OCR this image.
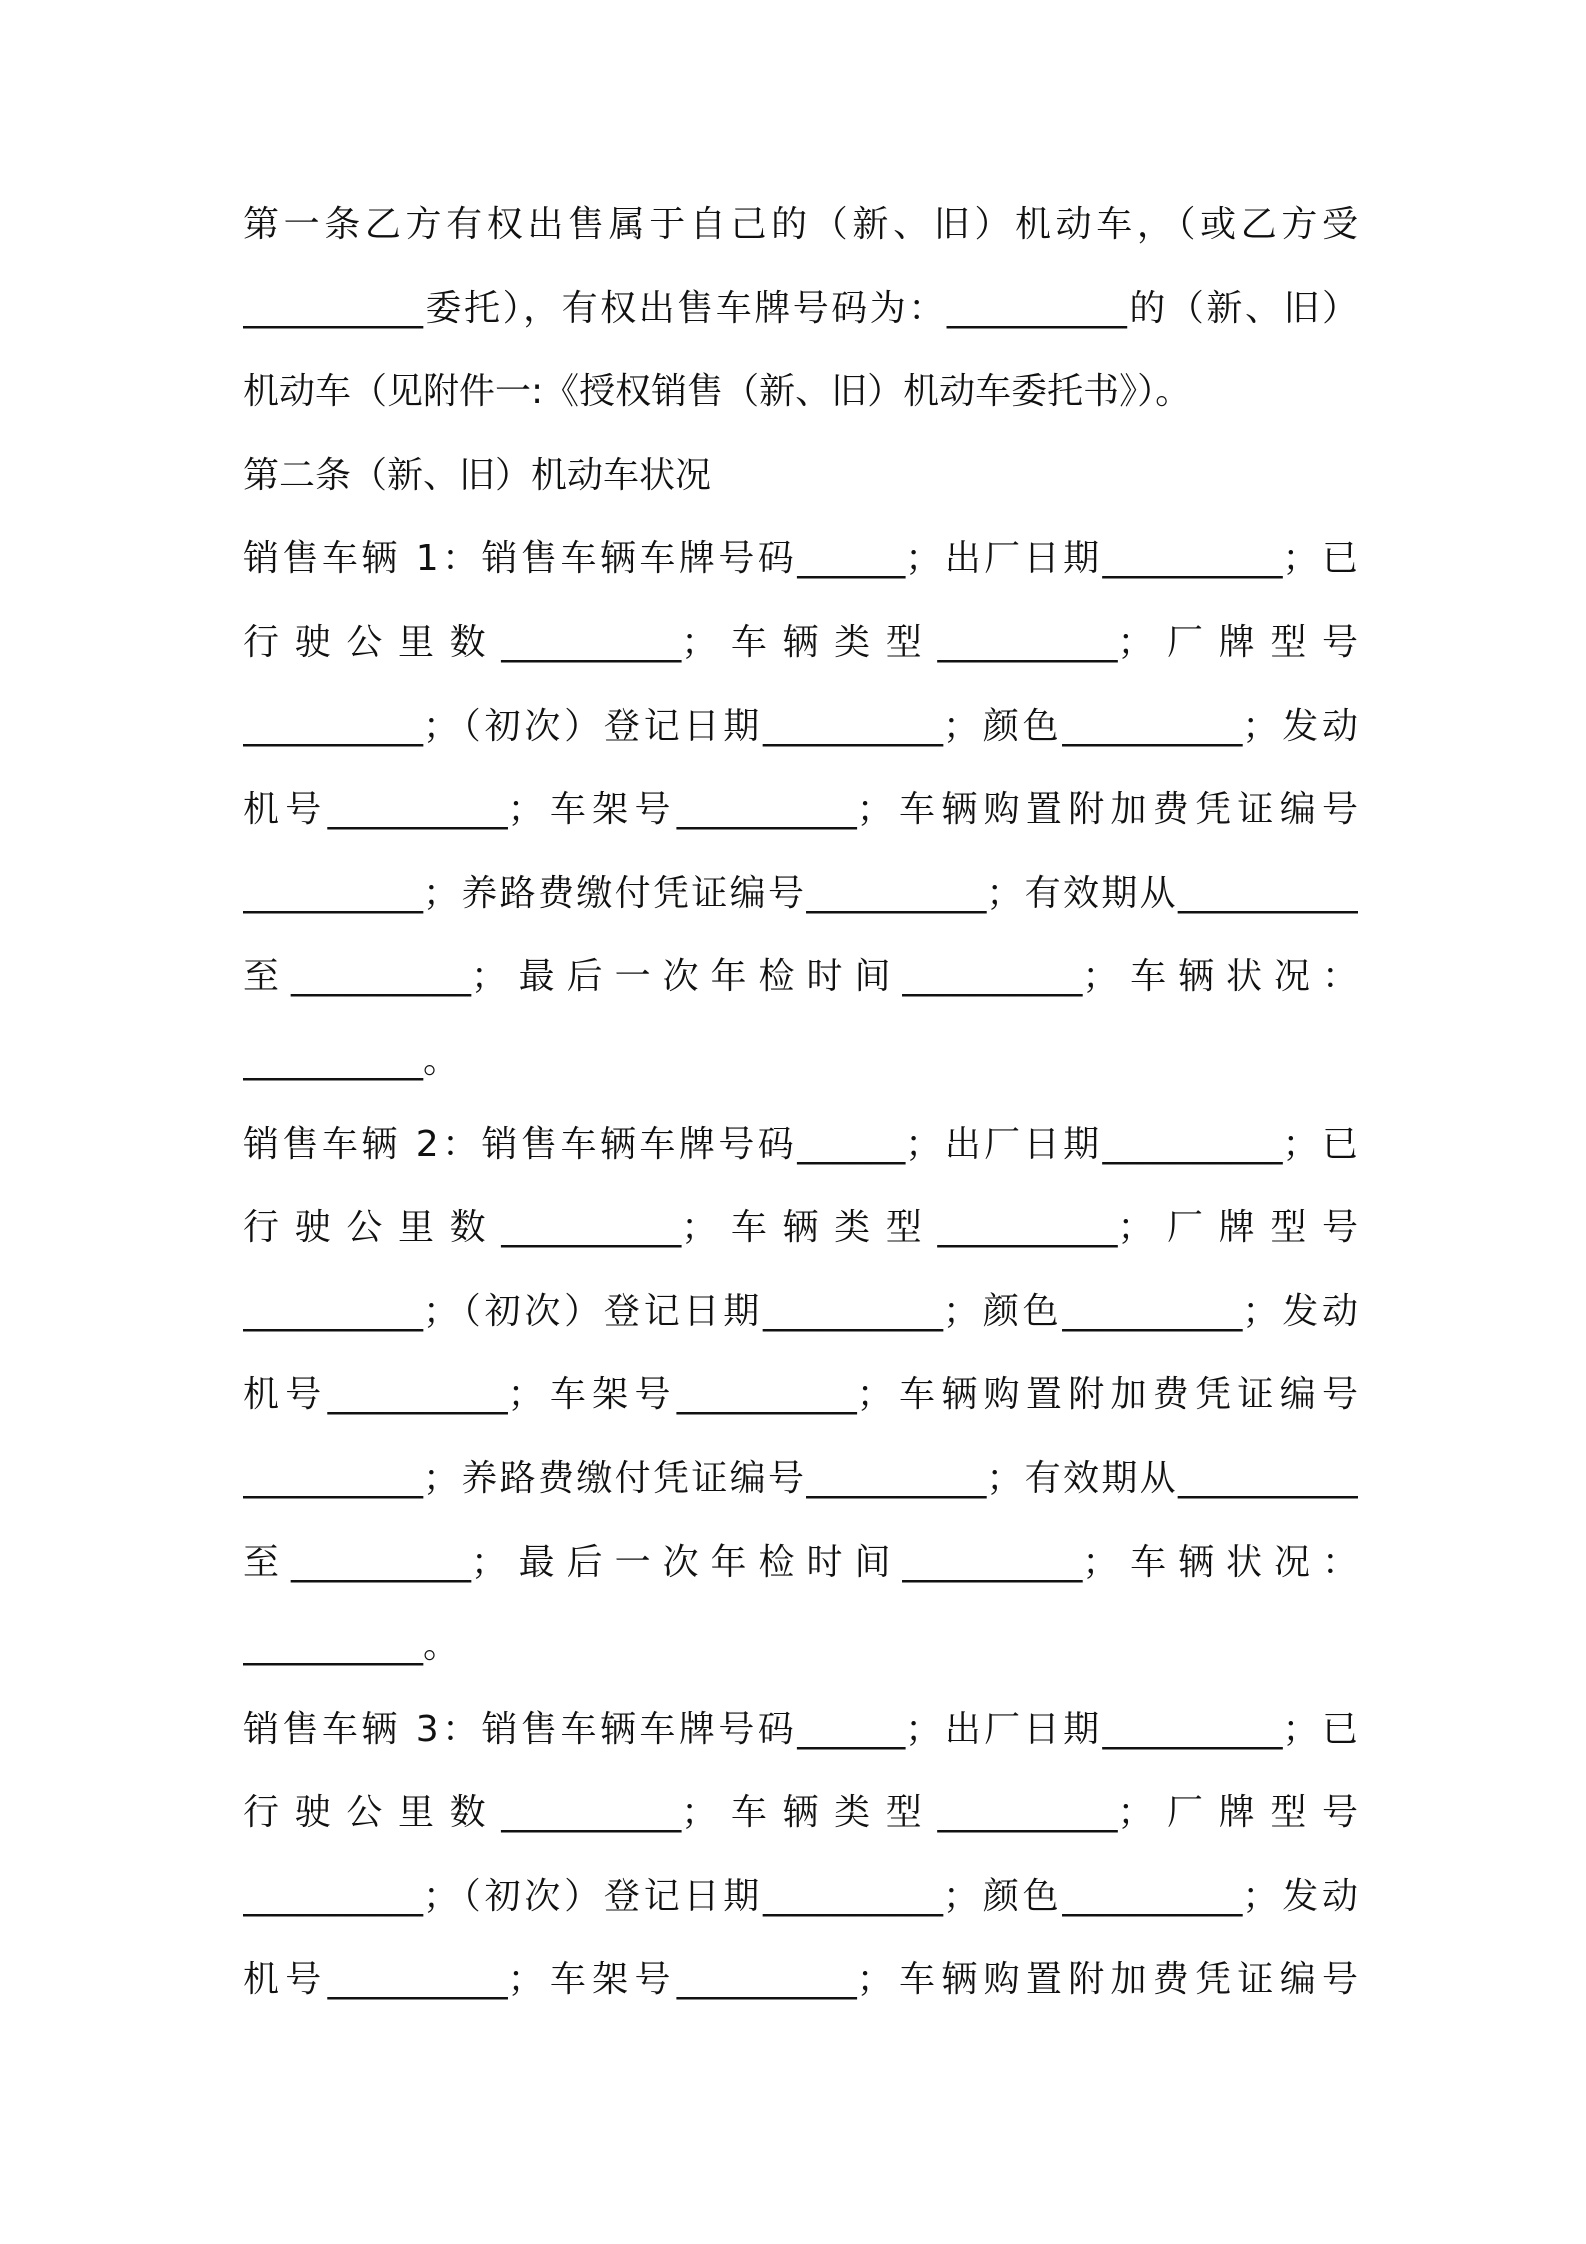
第一条乙方有权出售属于自己的（新、旧）机动车，（或乙方受
__________委托），有权出售车牌号码为：__________的（新、旧）
机动车（见附件一:《授权销售（新、旧）机动车委托书》）。
第二条（新、旧）机动车状况
销售车辆 1：销售车辆车牌号码______；出厂日期__________；已
行 驶 公 里 数 __________； 车 辆 类 型 __________； 厂 牌 型 号
__________；（初次）登记日期__________；颜色__________；发动
机号__________；车架号__________；车辆购置附加费凭证编号
__________；养路费缴付凭证编号__________；有效期从__________
至 __________； 最 后 一 次 年 检 时 间 __________； 车 辆 状 况 ：
__________。
销售车辆 2：销售车辆车牌号码______；出厂日期__________；已
行 驶 公 里 数 __________； 车 辆 类 型 __________； 厂 牌 型 号
__________；（初次）登记日期__________；颜色__________；发动
机号__________；车架号__________；车辆购置附加费凭证编号
__________；养路费缴付凭证编号__________；有效期从__________
至 __________； 最 后 一 次 年 检 时 间 __________； 车 辆 状 况 ：
__________。
销售车辆 3：销售车辆车牌号码______；出厂日期__________；已
行 驶 公 里 数 __________； 车 辆 类 型 __________； 厂 牌 型 号
__________；（初次）登记日期__________；颜色__________；发动
机号__________；车架号__________；车辆购置附加费凭证编号
